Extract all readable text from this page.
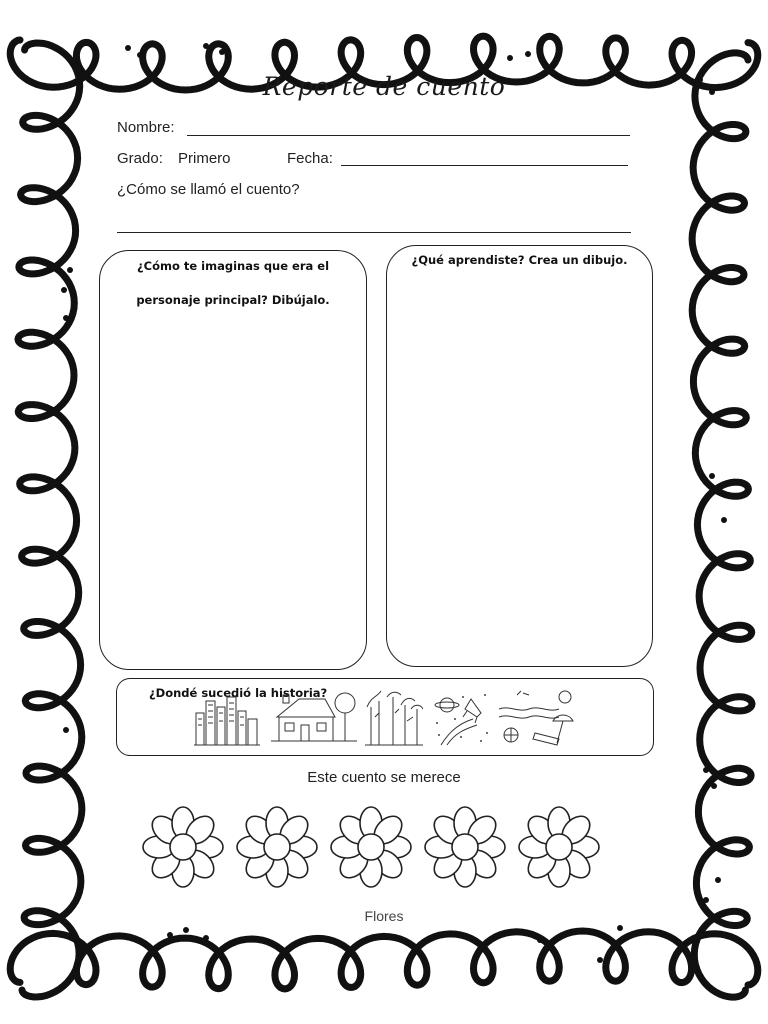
Reporte de cuento
Nombre:
Grado: Primero	Fecha:
¿Cómo se llamó el cuento?
¿Cómo te imaginas que era el
personaje principal? Dibújalo.
¿Qué aprendiste? Crea un dibujo.
¿Dondé sucedió la historia?
Este cuento se merece
Flores
